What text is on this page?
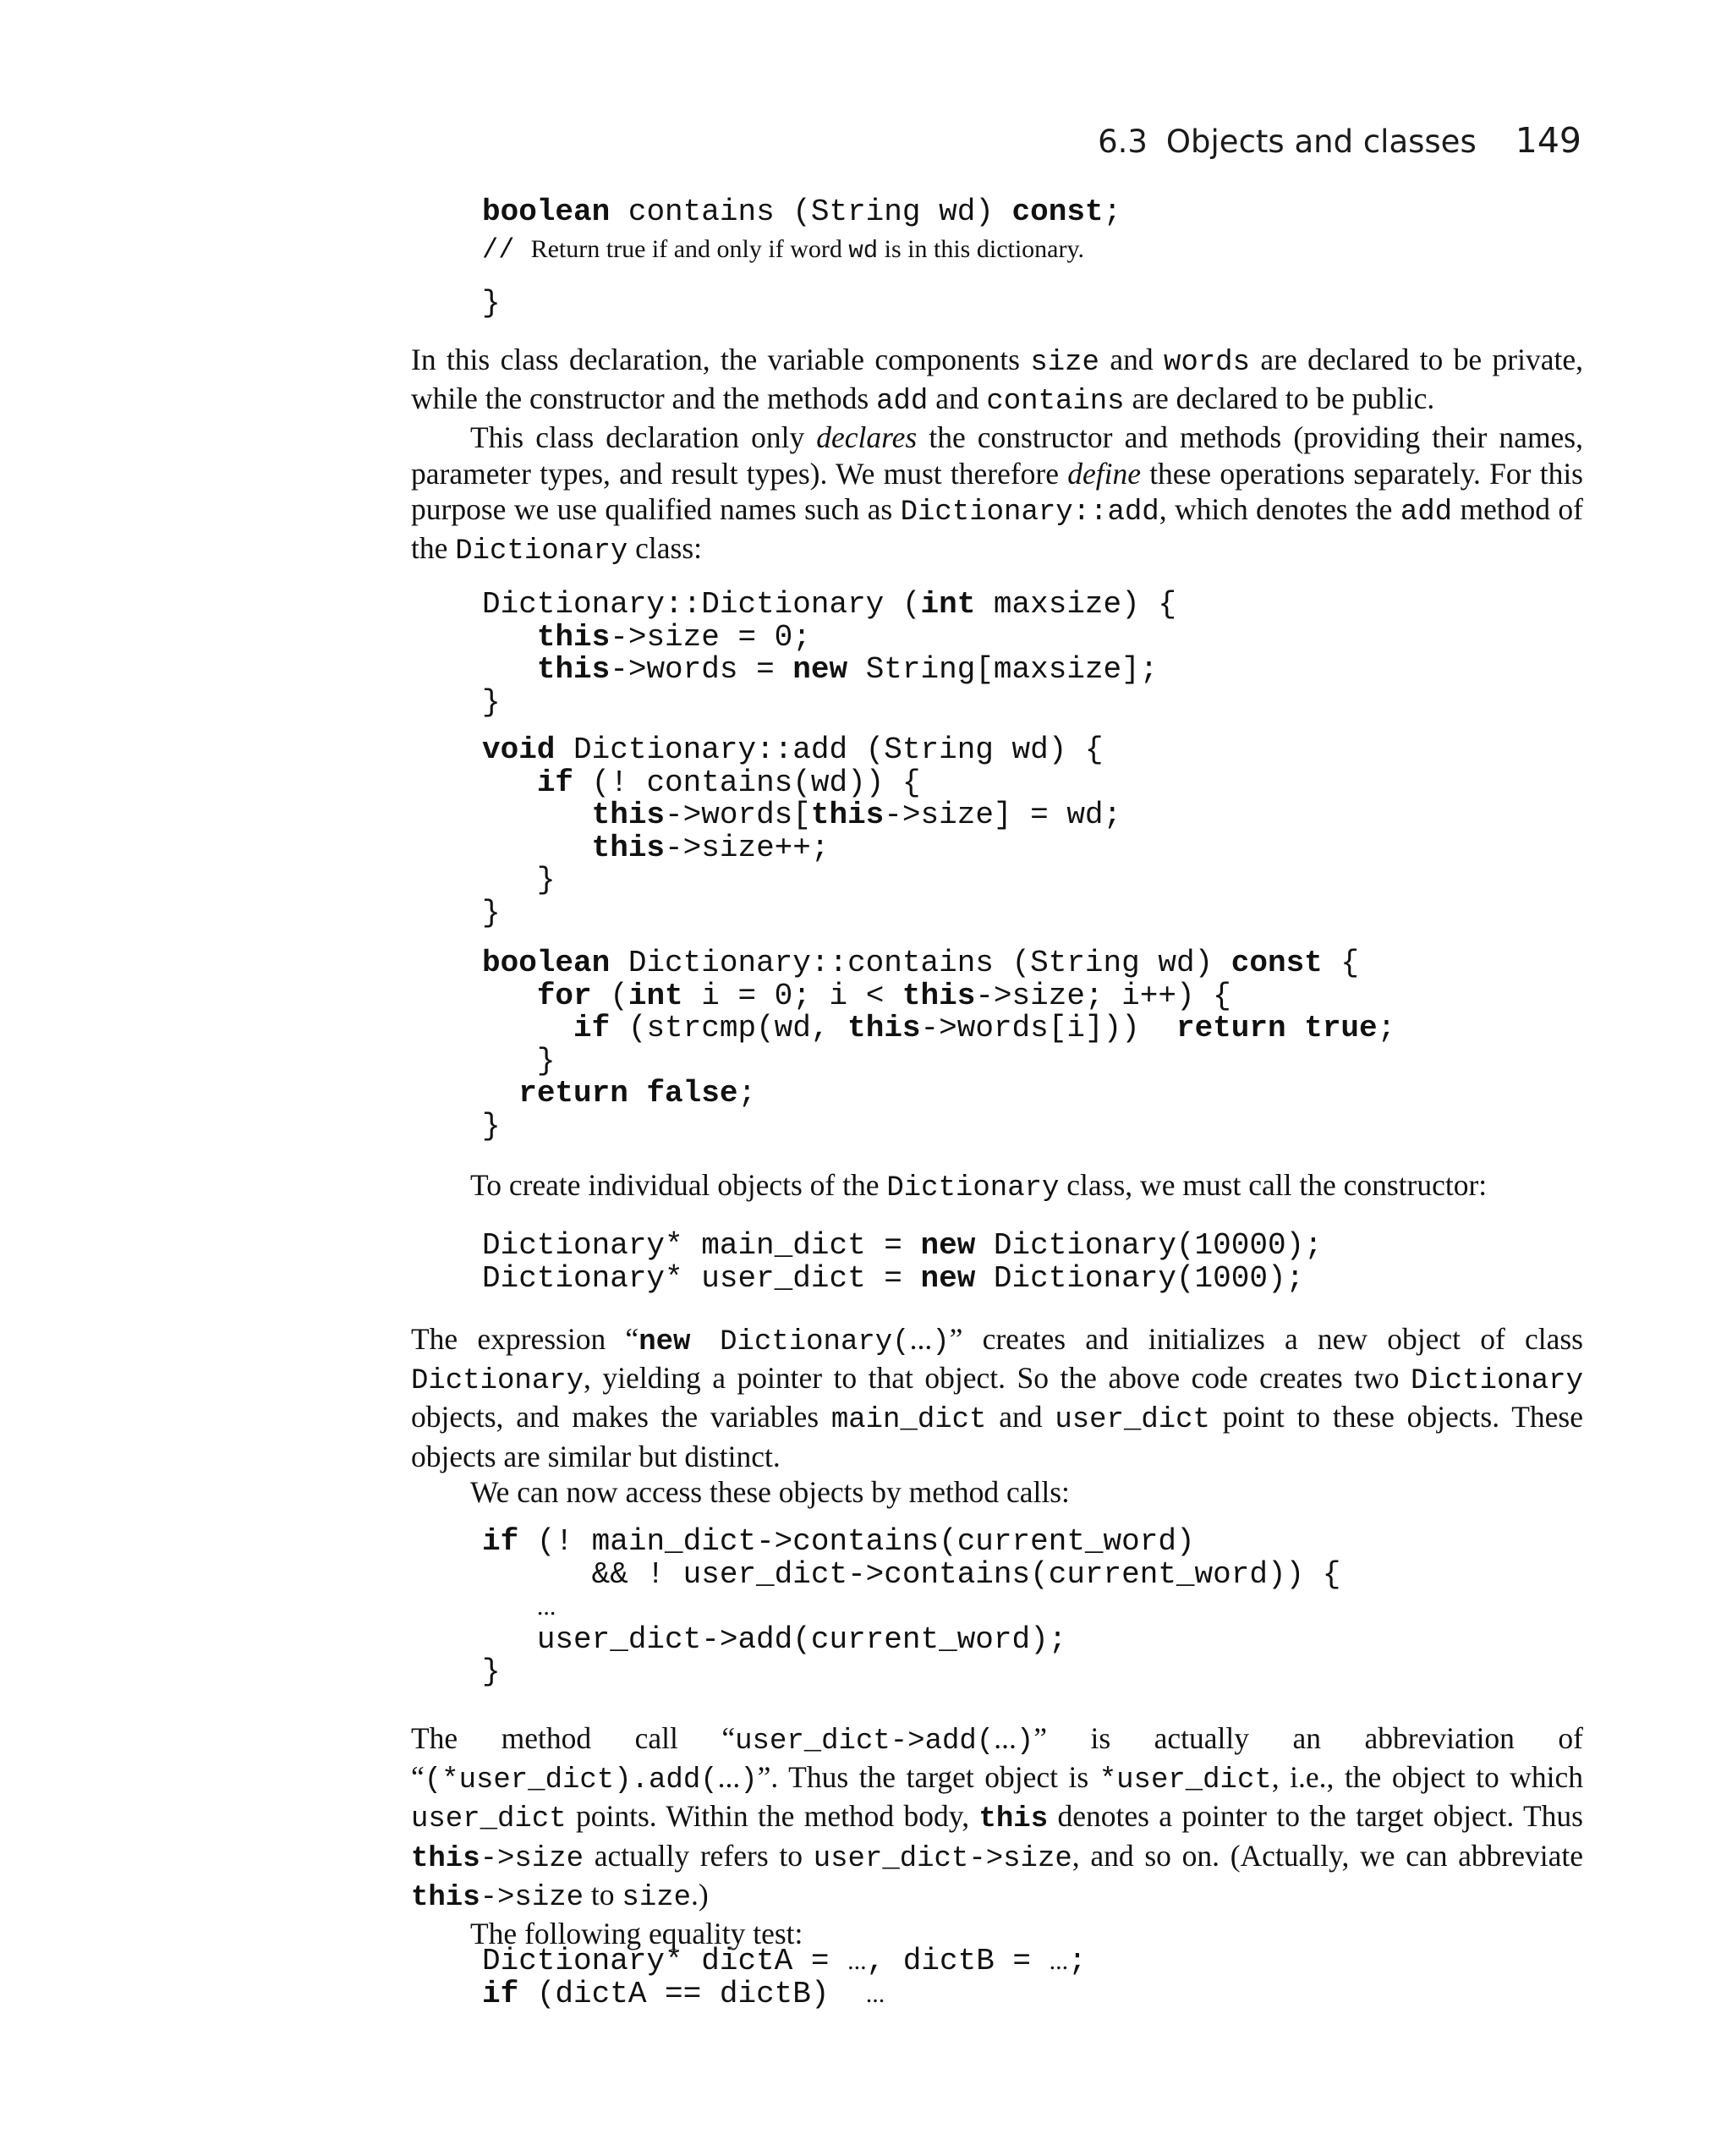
6.3 Objects and classes 149
boolean contains (String wd) const;
// Return true if and only if word wd is in this dictionary.
}

In this class declaration, the variable components size and words are declared to be private, while the constructor and the methods add and contains are declared to be public.

This class declaration only declares the constructor and methods (providing their names, parameter types, and result types). We must therefore define these operations separately. For this purpose we use qualified names such as Dictionary::add, which denotes the add method of the Dictionary class:

Dictionary::Dictionary (int maxsize) {
this->size = 0;
this->words = new String[maxsize];
}
void Dictionary::add (String wd) {
if (! contains(wd)) {
this->words[this->size] = wd;
this->size++;
}
}
boolean Dictionary::contains (String wd) const {
for (int i = 0; i < this->size; i++) {
if (strcmp(wd, this->words[i]))  return true;
}
return false;
}

To create individual objects of the Dictionary class, we must call the constructor:

Dictionary* main_dict = new Dictionary(10000);
Dictionary* user_dict = new Dictionary(1000);

The expression “new Dictionary(...)” creates and initializes a new object of class Dictionary, yielding a pointer to that object. So the above code creates two Dictionary objects, and makes the variables main_dict and user_dict point to these objects. These objects are similar but distinct.

We can now access these objects by method calls:

if (! main_dict->contains(current_word)
&& ! user_dict->contains(current_word)) {
...
user_dict->add(current_word);
}

The method call “user_dict->add(...)” is actually an abbreviation of “(*user_dict).add(...)”. Thus the target object is *user_dict, i.e., the object to which user_dict points. Within the method body, this denotes a pointer to the target object. Thus this->size actually refers to user_dict->size, and so on. (Actually, we can abbreviate this->size to size.)

The following equality test:

Dictionary* dictA = ..., dictB = ...;
if (dictA == dictB)  ...
